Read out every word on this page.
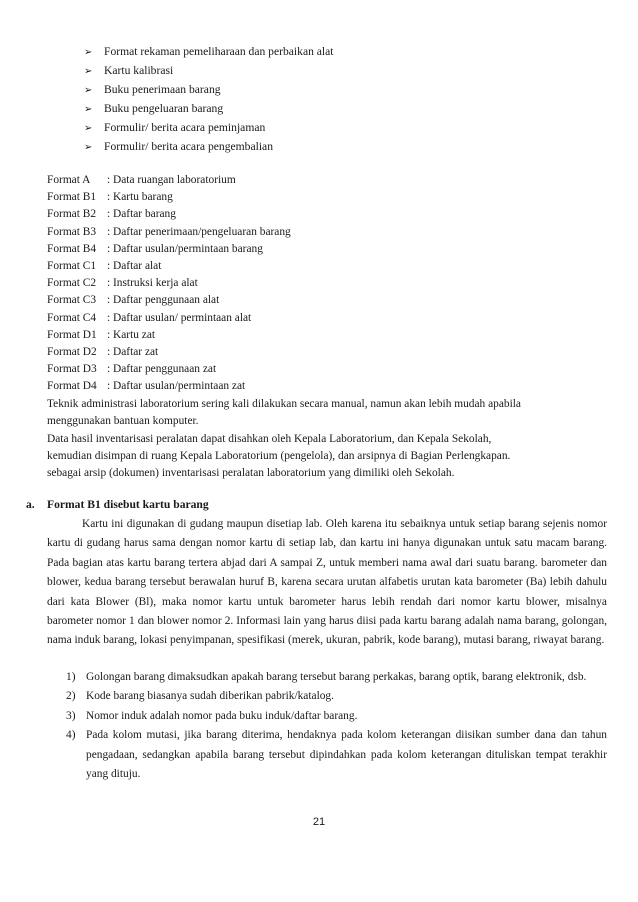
➢ Format rekaman pemeliharaan dan perbaikan alat
➢ Kartu kalibrasi
➢ Buku penerimaan barang
➢ Buku pengeluaran barang
➢ Formulir/ berita acara peminjaman
➢ Formulir/ berita acara pengembalian
Format A : Data ruangan laboratorium
Format B1 : Kartu barang
Format B2 : Daftar barang
Format B3 : Daftar penerimaan/pengeluaran barang
Format B4 : Daftar usulan/permintaan barang
Format C1 : Daftar alat
Format C2 : Instruksi kerja alat
Format C3 : Daftar penggunaan alat
Format C4 : Daftar usulan/ permintaan alat
Format D1 : Kartu zat
Format D2 : Daftar zat
Format D3 : Daftar penggunaan zat
Format D4 : Daftar usulan/permintaan zat
Teknik administrasi laboratorium sering kali dilakukan secara manual, namun akan lebih mudah apabila
menggunakan bantuan komputer.
Data hasil inventarisasi peralatan dapat disahkan oleh Kepala Laboratorium, dan Kepala Sekolah,
kemudian disimpan di ruang Kepala Laboratorium (pengelola), dan arsipnya di Bagian Perlengkapan.
sebagai arsip (dokumen) inventarisasi peralatan laboratorium yang dimiliki oleh Sekolah.
a. Format B1 disebut kartu barang

Kartu ini digunakan di gudang maupun disetiap lab. Oleh karena itu sebaiknya untuk setiap barang sejenis nomor kartu di gudang harus sama dengan nomor kartu di setiap lab, dan kartu ini hanya digunakan untuk satu macam barang. Pada bagian atas kartu barang tertera abjad dari A sampai Z, untuk memberi nama awal dari suatu barang. barometer dan blower, kedua barang tersebut berawalan huruf B, karena secara urutan alfabetis urutan kata barometer (Ba) lebih dahulu dari kata Blower (Bl), maka nomor kartu untuk barometer harus lebih rendah dari nomor kartu blower, misalnya barometer nomor 1 dan blower nomor 2. Informasi lain yang harus diisi pada kartu barang adalah nama barang, golongan, nama induk barang, lokasi penyimpanan, spesifikasi (merek, ukuran, pabrik, kode barang), mutasi barang, riwayat barang.

1) Golongan barang dimaksudkan apakah barang tersebut barang perkakas, barang optik, barang elektronik, dsb.
2) Kode barang biasanya sudah diberikan pabrik/katalog.
3) Nomor induk adalah nomor pada buku induk/daftar barang.
4) Pada kolom mutasi, jika barang diterima, hendaknya pada kolom keterangan diisikan sumber dana dan tahun pengadaan, sedangkan apabila barang tersebut dipindahkan pada kolom keterangan dituliskan tempat terakhir yang dituju.
21
